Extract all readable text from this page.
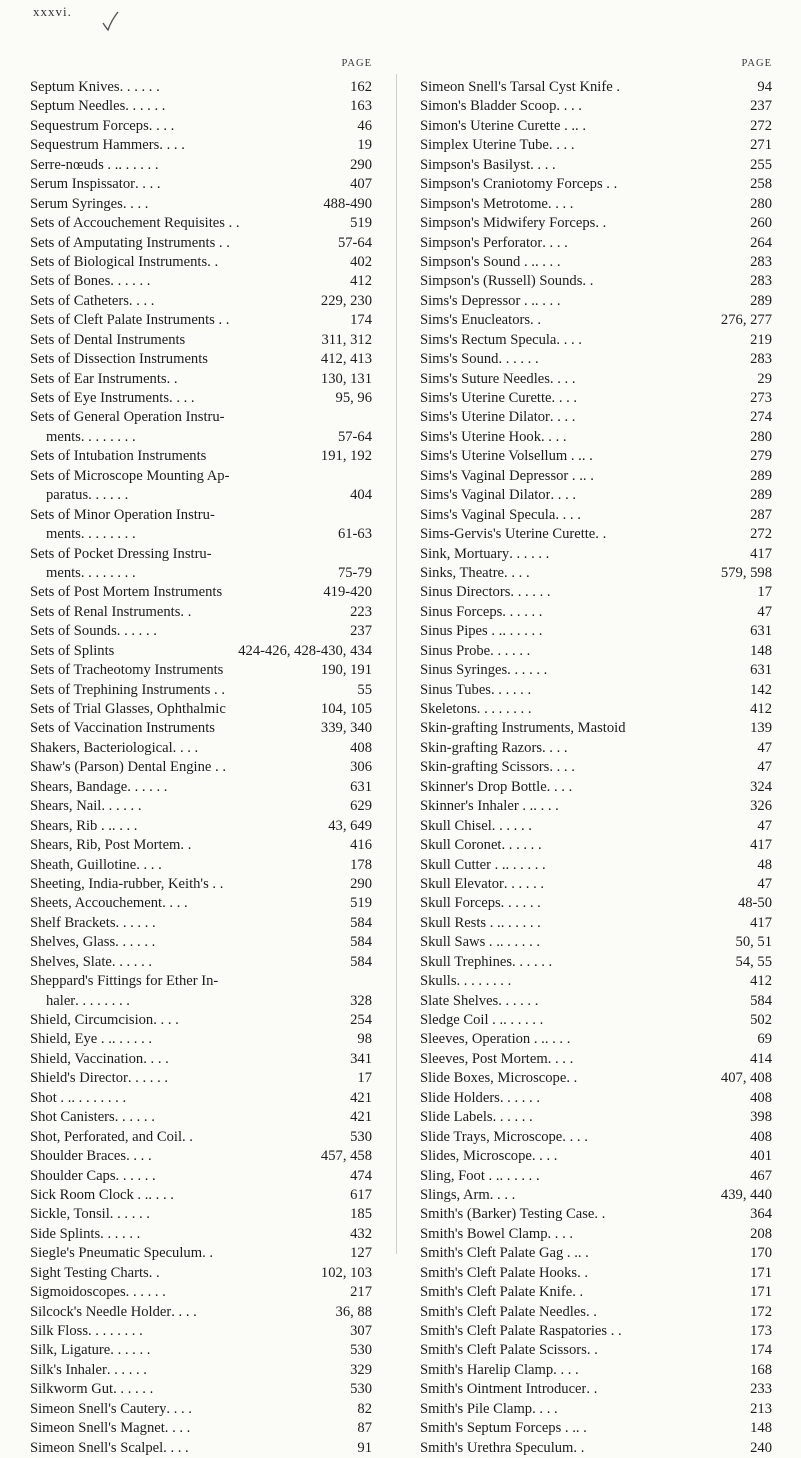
xxxvi.
PAGE
Septum Knives . . . . . .	162
Septum Needles . . . . . .	163
Sequestrum Forceps . . . .	46
Sequestrum Hammers . . . .	19
Serre-nœuds . . . . . . . .	290
Serum Inspissator . . . .	407
Serum Syringes . . . .	488-490
Sets of Accouchement Requisites . .	519
Sets of Amputating Instruments . .	57-64
Sets of Biological Instruments . .	402
Sets of Bones . . . . . .	412
Sets of Catheters . . . .	229, 230
Sets of Cleft Palate Instruments . .	174
Sets of Dental Instruments	311, 312
Sets of Dissection Instruments	412, 413
Sets of Ear Instruments . .	130, 131
Sets of Eye Instruments . . . .	95, 96
Sets of General Operation Instru-
ments . . . . . . . .	57-64
Sets of Intubation Instruments	191, 192
Sets of Microscope Mounting Ap-
paratus . . . . . .	404
Sets of Minor Operation Instru-
ments . . . . . . . .	61-63
Sets of Pocket Dressing Instru-
ments . . . . . . . .	75-79
Sets of Post Mortem Instruments	419-420
Sets of Renal Instruments . .	223
Sets of Sounds . . . . . .	237
Sets of Splints	424-426, 428-430, 434
Sets of Tracheotomy Instruments	190, 191
Sets of Trephining Instruments . .	55
Sets of Trial Glasses, Ophthalmic	104, 105
Sets of Vaccination Instruments	339, 340
Shakers, Bacteriological . . . .	408
Shaw's (Parson) Dental Engine . .	306
Shears, Bandage . . . . . .	631
Shears, Nail . . . . . .	629
Shears, Rib . . . . . .	43, 649
Shears, Rib, Post Mortem . .	416
Sheath, Guillotine . . . .	178
Sheeting, India-rubber, Keith's . .	290
Sheets, Accouchement . . . .	519
Shelf Brackets . . . . . .	584
Shelves, Glass . . . . . .	584
Shelves, Slate . . . . . .	584
Sheppard's Fittings for Ether In-
haler . . . . . . . .	328
Shield, Circumcision . . . .	254
Shield, Eye . . . . . . . .	98
Shield, Vaccination . . . .	341
Shield's Director . . . . . .	17
Shot . . . . . . . . . .	421
Shot Canisters . . . . . .	421
Shot, Perforated, and Coil . .	530
Shoulder Braces . . . .	457, 458
Shoulder Caps . . . . . .	474
Sick Room Clock . . . . . .	617
Sickle, Tonsil . . . . . .	185
Side Splints . . . . . .	432
Siegle's Pneumatic Speculum . .	127
Sight Testing Charts . .	102, 103
Sigmoidoscopes . . . . . .	217
Silcock's Needle Holder . . . .	36, 88
Silk Floss . . . . . . . .	307
Silk, Ligature . . . . . .	530
Silk's Inhaler . . . . . .	329
Silkworm Gut . . . . . .	530
Simeon Snell's Cautery . . . .	82
Simeon Snell's Magnet . . . .	87
Simeon Snell's Scalpel . . . .	91
PAGE
Simeon Snell's Tarsal Cyst Knife .	94
Simon's Bladder Scoop . . . .	237
Simon's Uterine Curette . . . .	272
Simplex Uterine Tube . . . .	271
Simpson's Basilyst . . . .	255
Simpson's Craniotomy Forceps . .	258
Simpson's Metrotome . . . .	280
Simpson's Midwifery Forceps . .	260
Simpson's Perforator . . . .	264
Simpson's Sound . . . . . .	283
Simpson's (Russell) Sounds . .	283
Sims's Depressor . . . . . .	289
Sims's Enucleators . .	276, 277
Sims's Rectum Specula . . . .	219
Sims's Sound . . . . . .	283
Sims's Suture Needles . . . .	29
Sims's Uterine Curette . . . .	273
Sims's Uterine Dilator . . . .	274
Sims's Uterine Hook . . . .	280
Sims's Uterine Volsellum . . . .	279
Sims's Vaginal Depressor . . . .	289
Sims's Vaginal Dilator . . . .	289
Sims's Vaginal Specula . . . .	287
Sims-Gervis's Uterine Curette . .	272
Sink, Mortuary . . . . . .	417
Sinks, Theatre . . . .	579, 598
Sinus Directors . . . . . .	17
Sinus Forceps . . . . . .	47
Sinus Pipes . . . . . . . .	631
Sinus Probe . . . . . .	148
Sinus Syringes . . . . . .	631
Sinus Tubes . . . . . .	142
Skeletons . . . . . . . .	412
Skin-grafting Instruments, Mastoid	139
Skin-grafting Razors . . . .	47
Skin-grafting Scissors . . . .	47
Skinner's Drop Bottle . . . .	324
Skinner's Inhaler . . . . . .	326
Skull Chisel . . . . . .	47
Skull Coronet . . . . . .	417
Skull Cutter . . . . . . . .	48
Skull Elevator . . . . . .	47
Skull Forceps . . . . . .	48-50
Skull Rests . . . . . . . .	417
Skull Saws . . . . . . . .	50, 51
Skull Trephines . . . . . .	54, 55
Skulls . . . . . . . .	412
Slate Shelves . . . . . .	584
Sledge Coil . . . . . . . .	502
Sleeves, Operation . . . . . .	69
Sleeves, Post Mortem . . . .	414
Slide Boxes, Microscope . .	407, 408
Slide Holders . . . . . .	408
Slide Labels . . . . . .	398
Slide Trays, Microscope . . . .	408
Slides, Microscope . . . .	401
Sling, Foot . . . . . . . .	467
Slings, Arm . . . .	439, 440
Smith's (Barker) Testing Case . .	364
Smith's Bowel Clamp . . . .	208
Smith's Cleft Palate Gag . . . .	170
Smith's Cleft Palate Hooks . .	171
Smith's Cleft Palate Knife . .	171
Smith's Cleft Palate Needles . .	172
Smith's Cleft Palate Raspatories . .	173
Smith's Cleft Palate Scissors . .	174
Smith's Harelip Clamp . . . .	168
Smith's Ointment Introducer . .	233
Smith's Pile Clamp . . . .	213
Smith's Septum Forceps . . . .	148
Smith's Urethra Speculum . .	240
